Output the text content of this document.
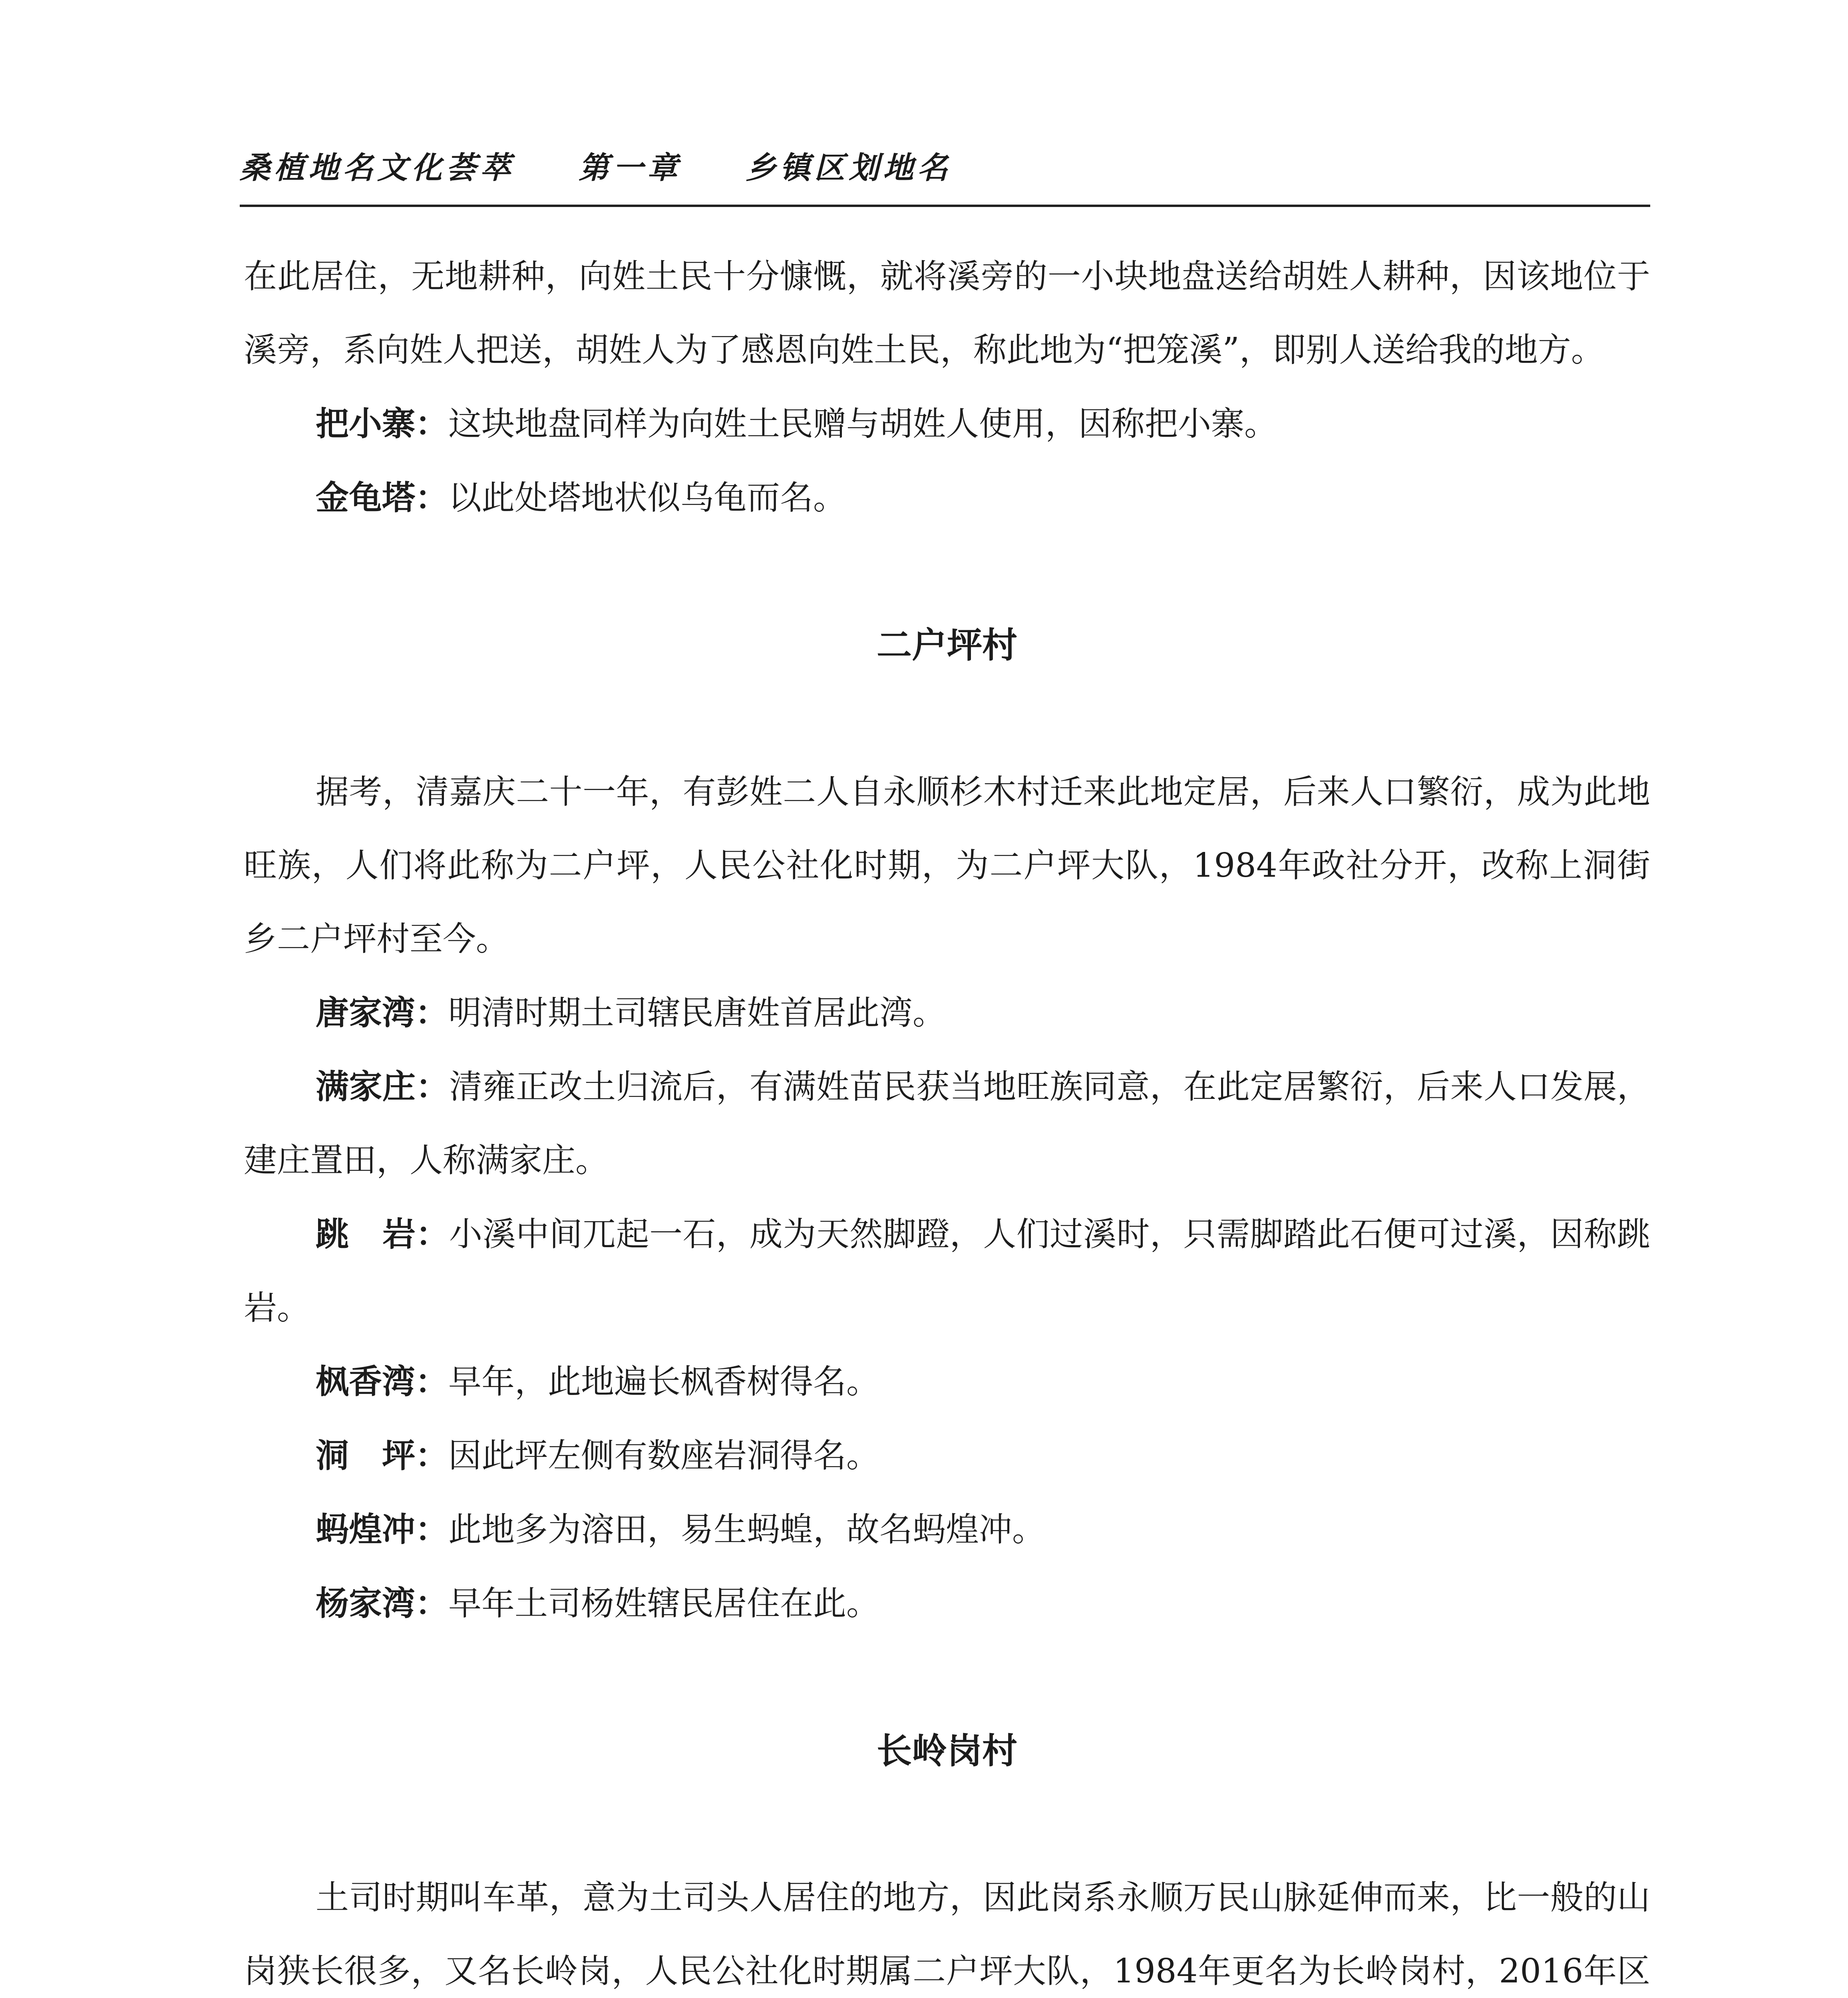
桑植地名文化荟萃 第一章 乡镇区划地名

在此居住，无地耕种，向姓土民十分慷慨，就将溪旁的一小块地盘送给胡姓人耕种，因该地位于溪旁，系向姓人把送，胡姓人为了感恩向姓土民，称此地为“把笼溪”，即别人送给我的地方。

把小寨：这块地盘同样为向姓土民赠与胡姓人使用，因称把小寨。

金龟塔：以此处塔地状似乌龟而名。

二户坪村

据考，清嘉庆二十一年，有彭姓二人自永顺杉木村迁来此地定居，后来人口繁衍，成为此地旺族，人们将此称为二户坪，人民公社化时期，为二户坪大队，1984年政社分开，改称上洞街乡二户坪村至今。

唐家湾：明清时期土司辖民唐姓首居此湾。

满家庄：清雍正改土归流后，有满姓苗民获当地旺族同意，在此定居繁衍，后来人口发展，建庄置田，人称满家庄。

跳　岩：小溪中间兀起一石，成为天然脚蹬，人们过溪时，只需脚踏此石便可过溪，因称跳岩。

枫香湾：早年，此地遍长枫香树得名。

洞　坪：因此坪左侧有数座岩洞得名。

蚂煌冲：此地多为溶田，易生蚂蝗，故名蚂煌冲。

杨家湾：早年土司杨姓辖民居住在此。

长岭岗村

土司时期叫车革，意为土司头人居住的地方，因此岗系永顺万民山脉延伸而来，比一般的山岗狭长很多，又名长岭岗，人民公社化时期属二户坪大队，1984年更名为长岭岗村，2016年区
